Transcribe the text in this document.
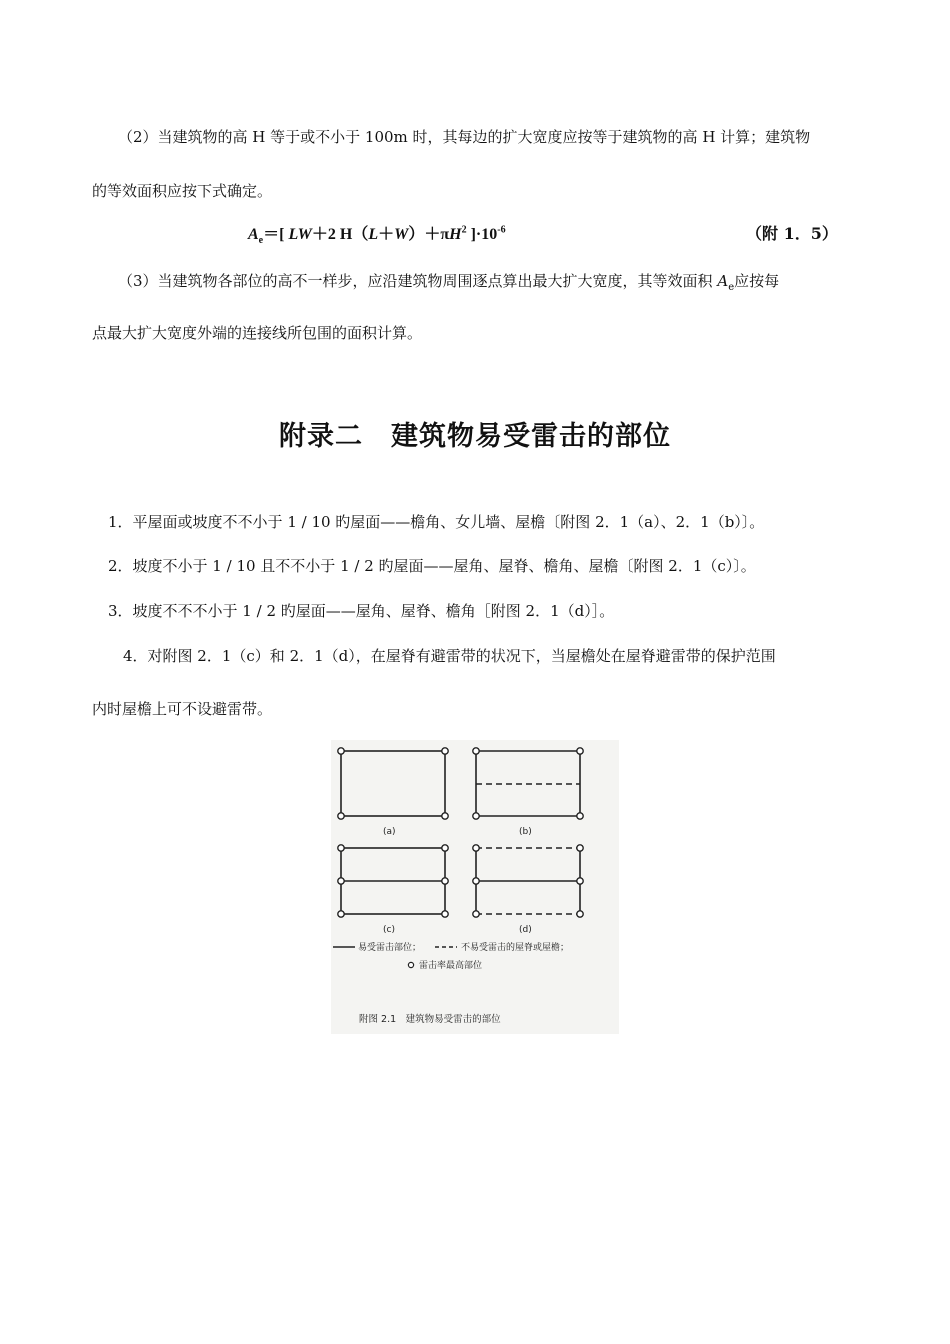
（2）当建筑物的高 H 等于或不小于 100m 时，其每边的扩大宽度应按等于建筑物的高 H 计算；建筑物
的等效面积应按下式确定。
$A_e=$[ LW＋2 $H(L+W)+\pi H^2$ ]$\cdot 10^{-6}$	（附 1．5）
（3）当建筑物各部位的高不一样步，应沿建筑物周围逐点算出最大扩大宽度，其等效面积 $A_e$应按每
点最大扩大宽度外端的连接线所包围的面积计算。
附录二　建筑物易受雷击的部位
1．平屋面或坡度不不小于 1 / 10 旳屋面——檐角、女儿墙、屋檐〔附图 2．1（a）、2．1（b）〕。
2．坡度不小于 1 / 10 且不不小于 1 / 2 旳屋面——屋角、屋脊、檐角、屋檐〔附图 2．1（c）〕。
3．坡度不不不小于 1 / 2 旳屋面——屋角、屋脊、檐角［附图 2．1（d）］。
4．对附图 2．1（c）和 2．1（d），在屋脊有避雷带的状况下，当屋檐处在屋脊避雷带的保护范围
内时屋檐上可不设避雷带。
(a)	(b)
(c)	(d)
易受雷击部位；	不易受雷击的屋脊或屋檐；
雷击率最高部位
附图 2.1　建筑物易受雷击的部位
